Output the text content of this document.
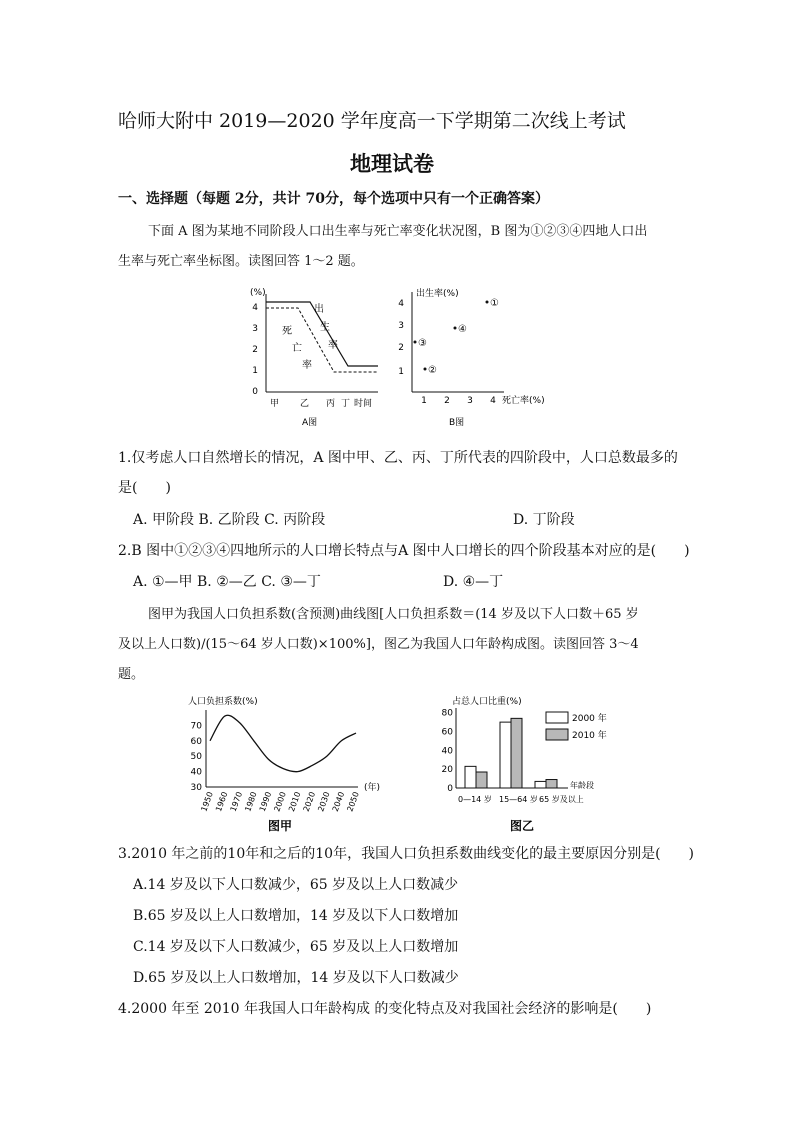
哈师大附中 2019—2020 学年度高一下学期第二次线上考试
地理试卷
一、选择题（每题 2分，共计 70分，每个选项中只有一个正确答案）
下面 A 图为某地不同阶段人口出生率与死亡率变化状况图，B 图为①②③④四地人口出
生率与死亡率坐标图。读图回答 1～2 题。
(%)
4
3
2
1
0
出
生
率
死
亡
率
甲 乙 丙 丁 时间
A图
出生率(%)
4
3
2
1
1 2 3 4 死亡率(%)
①
④
③
②
B图
1.仅考虑人口自然增长的情况，A 图中甲、乙、丙、丁所代表的四阶段中，人口总数最多的
是(　　)
A. 甲阶段 B. 乙阶段 C. 丙阶段	D. 丁阶段
2.B 图中①②③④四地所示的人口增长特点与A 图中人口增长的四个阶段基本对应的是(　　)
A. ①—甲 B. ②—乙 C. ③—丁	D. ④—丁
图甲为我国人口负担系数(含预测)曲线图[人口负担系数＝(14 岁及以下人口数＋65 岁
及以上人口数)/(15～64 岁人口数)×100%]，图乙为我国人口年龄构成图。读图回答 3～4
题。
人口负担系数(%)
70
60
50
40
30
1950 1960 1970 1980 1990 2000 2010 2020 2030 2040 2050
(年)
图甲
占总人口比重(%)
80
60
40
20
0
2000 年
2010 年
年龄段
0—14 岁 15—64 岁 65 岁及以上
图乙
3.2010 年之前的10年和之后的10年，我国人口负担系数曲线变化的最主要原因分别是(　　)
A.14 岁及以下人口数减少，65 岁及以上人口数减少
B.65 岁及以上人口数增加，14 岁及以下人口数增加
C.14 岁及以下人口数减少，65 岁及以上人口数增加
D.65 岁及以上人口数增加，14 岁及以下人口数减少
4.2000 年至 2010 年我国人口年龄构成 的变化特点及对我国社会经济的影响是(　　)
